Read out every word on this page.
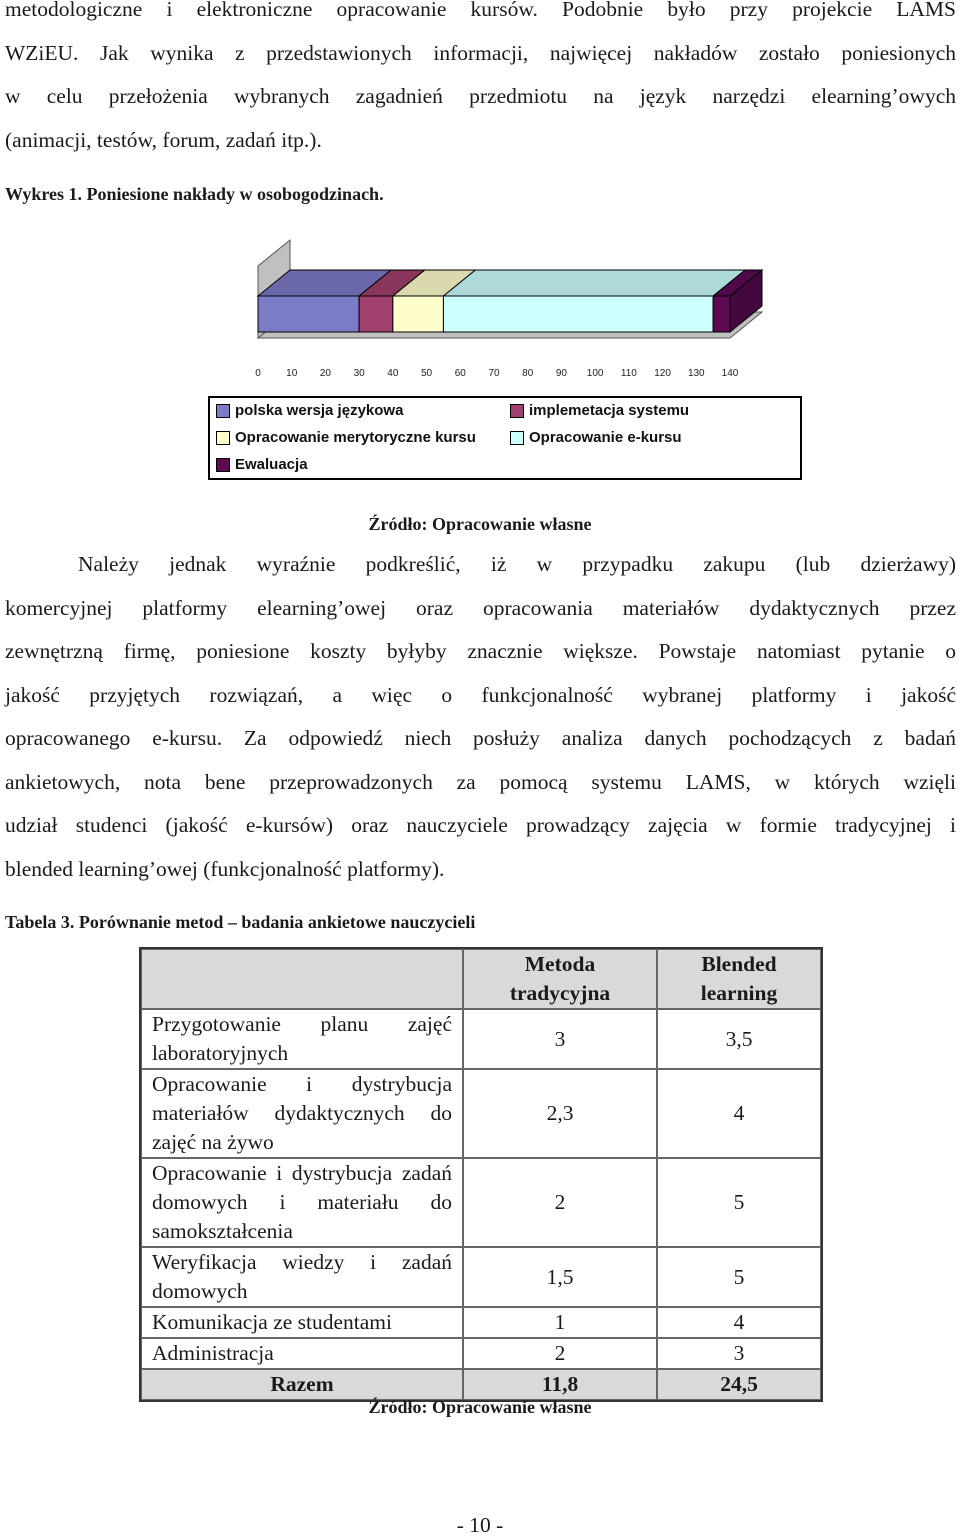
metodologiczne i elektroniczne opracowanie kursów. Podobnie było przy projekcie LAMS
WZiEU. Jak wynika z przedstawionych informacji, najwięcej nakładów zostało poniesionych
w celu przełożenia wybranych zagadnień przedmiotu na język narzędzi elearning’owych
(animacji, testów, forum, zadań itp.).
Wykres 1. Poniesione nakłady w osobogodzinach.
0	10 20 30 40 50 60 70 80 90 100 110 120 130 140
polska wersja językowa	implemetacja systemu
Opracowanie merytoryczne kursu	Opracowanie e-kursu
Ewaluacja
Źródło: Opracowanie własne
Należy jednak wyraźnie podkreślić, iż w przypadku zakupu (lub dzierżawy)
komercyjnej platformy elearning’owej oraz opracowania materiałów dydaktycznych przez
zewnętrzną firmę, poniesione koszty byłyby znacznie większe. Powstaje natomiast pytanie o
jakość przyjętych rozwiązań, a więc o funkcjonalność wybranej platformy i jakość
opracowanego e-kursu. Za odpowiedź niech posłuży analiza danych pochodzących z badań
ankietowych, nota bene przeprowadzonych za pomocą systemu LAMS, w których wzięli
udział studenci (jakość e-kursów) oraz nauczyciele prowadzący zajęcia w formie tradycyjnej i
blended learning’owej (funkcjonalność platformy).
Tabela 3. Porównanie metod – badania ankietowe nauczycieli
	Metoda tradycyjna	Blended learning
Przygotowanie planu zajęć laboratoryjnych	3	3,5
Opracowanie i dystrybucja materiałów dydaktycznych do zajęć na żywo	2,3	4
Opracowanie i dystrybucja zadań domowych i materiału do samokształcenia	2	5
Weryfikacja wiedzy i zadań domowych	1,5	5
Komunikacja ze studentami	1	4
Administracja	2	3
Razem	11,8	24,5
Źródło: Opracowanie własne
- 10 -
